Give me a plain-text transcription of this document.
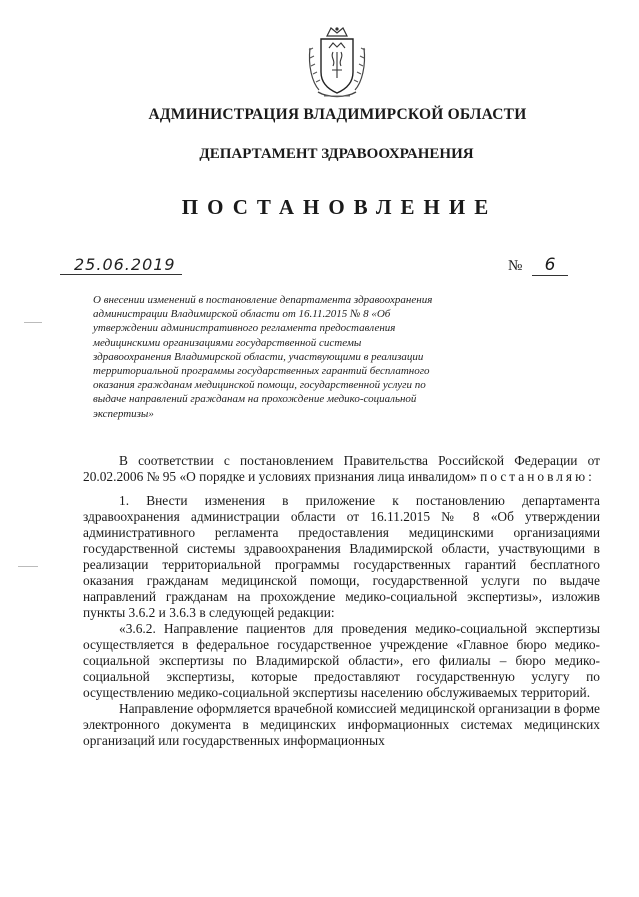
АДМИНИСТРАЦИЯ ВЛАДИМИРСКОЙ ОБЛАСТИ
ДЕПАРТАМЕНТ ЗДРАВООХРАНЕНИЯ
ПОСТАНОВЛЕНИЕ
25.06.2019	№ 6
О внесении изменений в постановление департамента здравоохранения администрации Владимирской области от 16.11.2015 № 8 «Об утверждении административного регламента предоставления медицинскими организациями государственной системы здравоохранения Владимирской области, участвующими в реализации территориальной программы государственных гарантий бесплатного оказания гражданам медицинской помощи, государственной услуги по выдаче направлений гражданам на прохождение медико-социальной экспертизы»

В соответствии с постановлением Правительства Российской Федерации от 20.02.2006 № 95 «О порядке и условиях признания лица инвалидом» постановляю:

1. Внести изменения в приложение к постановлению департамента здравоохранения администрации области от 16.11.2015 № 8 «Об утверждении административного регламента предоставления медицинскими организациями государственной системы здравоохранения Владимирской области, участвующими в реализации территориальной программы государственных гарантий бесплатного оказания гражданам медицинской помощи, государственной услуги по выдаче направлений гражданам на прохождение медико-социальной экспертизы», изложив пункты 3.6.2 и 3.6.3 в следующей редакции:

«3.6.2. Направление пациентов для проведения медико-социальной экспертизы осуществляется в федеральное государственное учреждение «Главное бюро медико-социальной экспертизы по Владимирской области», его филиалы – бюро медико-социальной экспертизы, которые предоставляют государственную услугу по осуществлению медико-социальной экспертизы населению обслуживаемых территорий.

Направление оформляется врачебной комиссией медицинской организации в форме электронного документа в медицинских информационных системах медицинских организаций или государственных информационных
